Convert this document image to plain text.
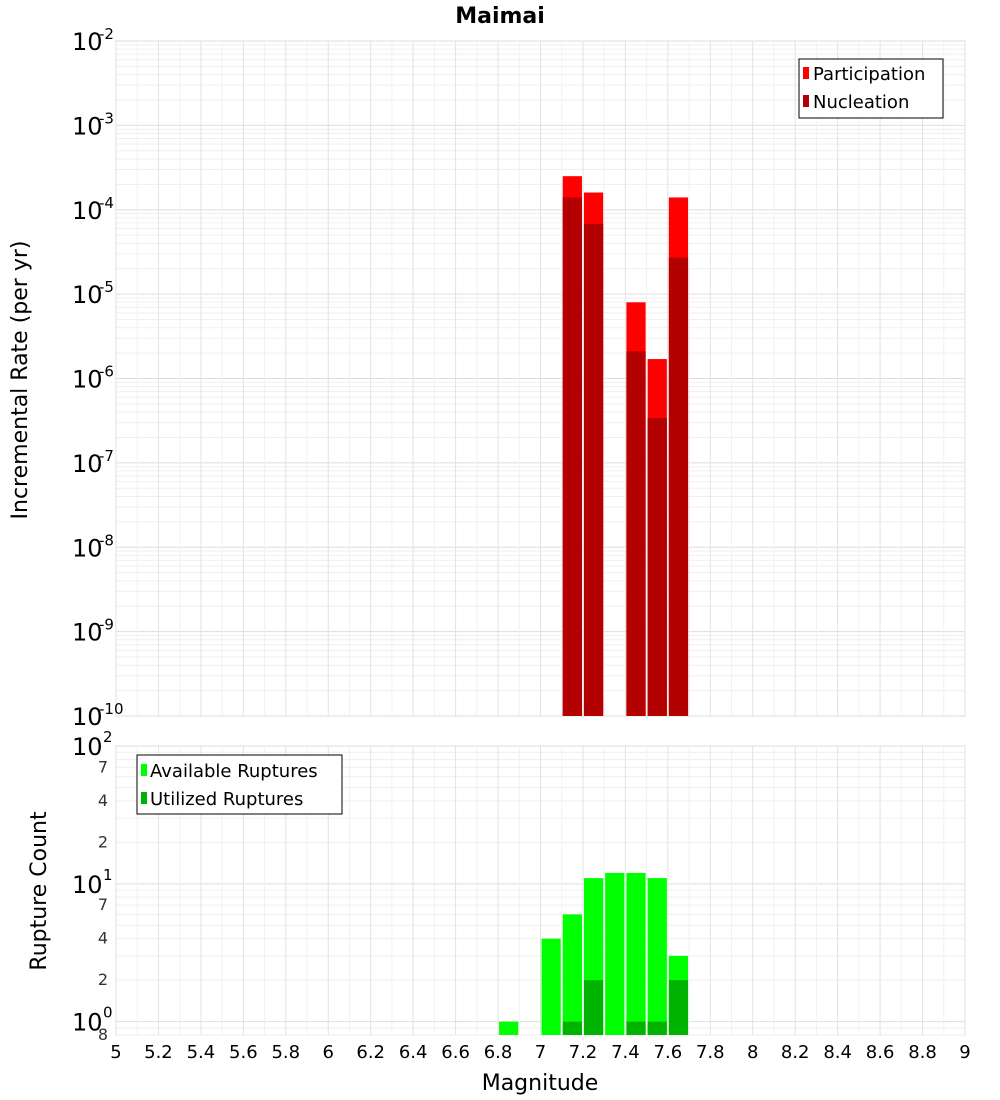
Maimai
10
-2
10
-3
10
-4
10
-5
10
-6
10
-7
10
-8
10
-9
10
-10
Incremental Rate (per yr)
Participation
Nucleation
10 2
10 1
10 0
7
4
2
7
4
2
8
5 5.2 5.4 5.6 5.8 6 6.2 6.4 6.6 6.8 7 7.2 7.4 7.6 7.8 8 8.2 8.4 8.6 8.8 9
Rupture Count
Magnitude
Available Ruptures
Utilized Ruptures
